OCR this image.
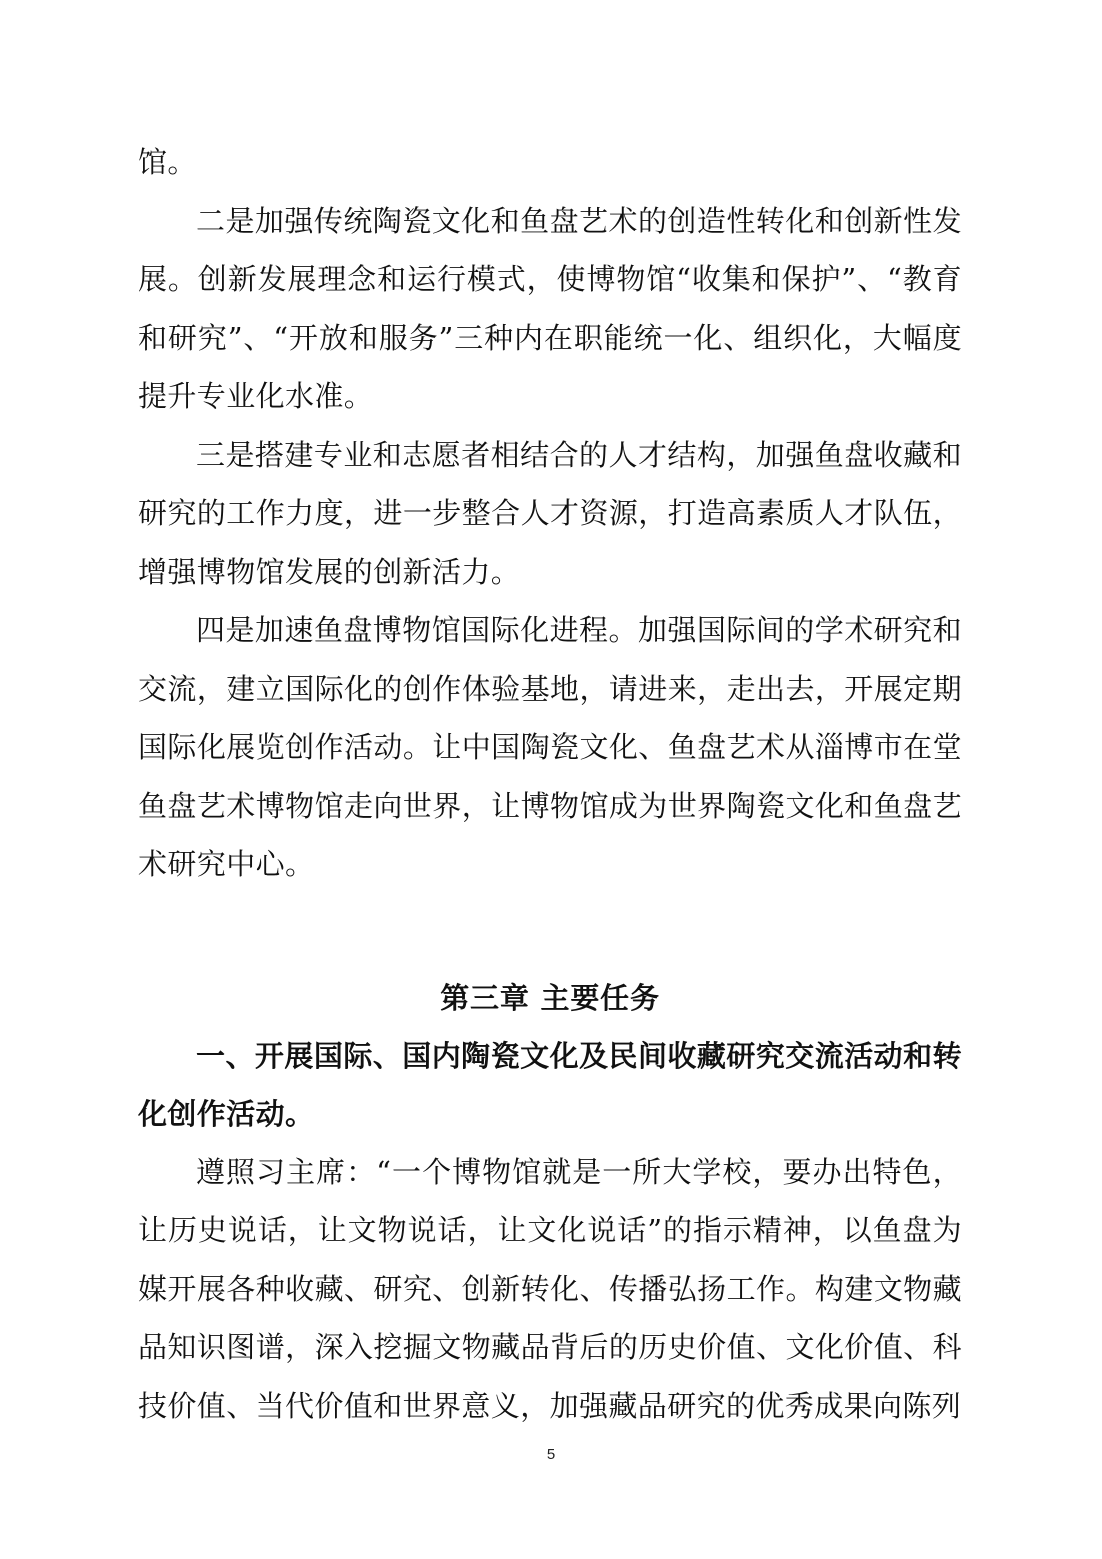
馆。

二是加强传统陶瓷文化和鱼盘艺术的创造性转化和创新性发展。创新发展理念和运行模式，使博物馆“收集和保护”、“教育和研究”、“开放和服务”三种内在职能统一化、组织化，大幅度提升专业化水准。

三是搭建专业和志愿者相结合的人才结构，加强鱼盘收藏和研究的工作力度，进一步整合人才资源，打造高素质人才队伍，增强博物馆发展的创新活力。

四是加速鱼盘博物馆国际化进程。加强国际间的学术研究和交流，建立国际化的创作体验基地，请进来，走出去，开展定期国际化展览创作活动。让中国陶瓷文化、鱼盘艺术从淄博市在堂鱼盘艺术博物馆走向世界，让博物馆成为世界陶瓷文化和鱼盘艺术研究中心。

第三章 主要任务
一、开展国际、国内陶瓷文化及民间收藏研究交流活动和转化创作活动。

遵照习主席：“一个博物馆就是一所大学校，要办出特色，让历史说话，让文物说话，让文化说话”的指示精神，以鱼盘为媒开展各种收藏、研究、创新转化、传播弘扬工作。构建文物藏品知识图谱，深入挖掘文物藏品背后的历史价值、文化价值、科技价值、当代价值和世界意义，加强藏品研究的优秀成果向陈列

5
